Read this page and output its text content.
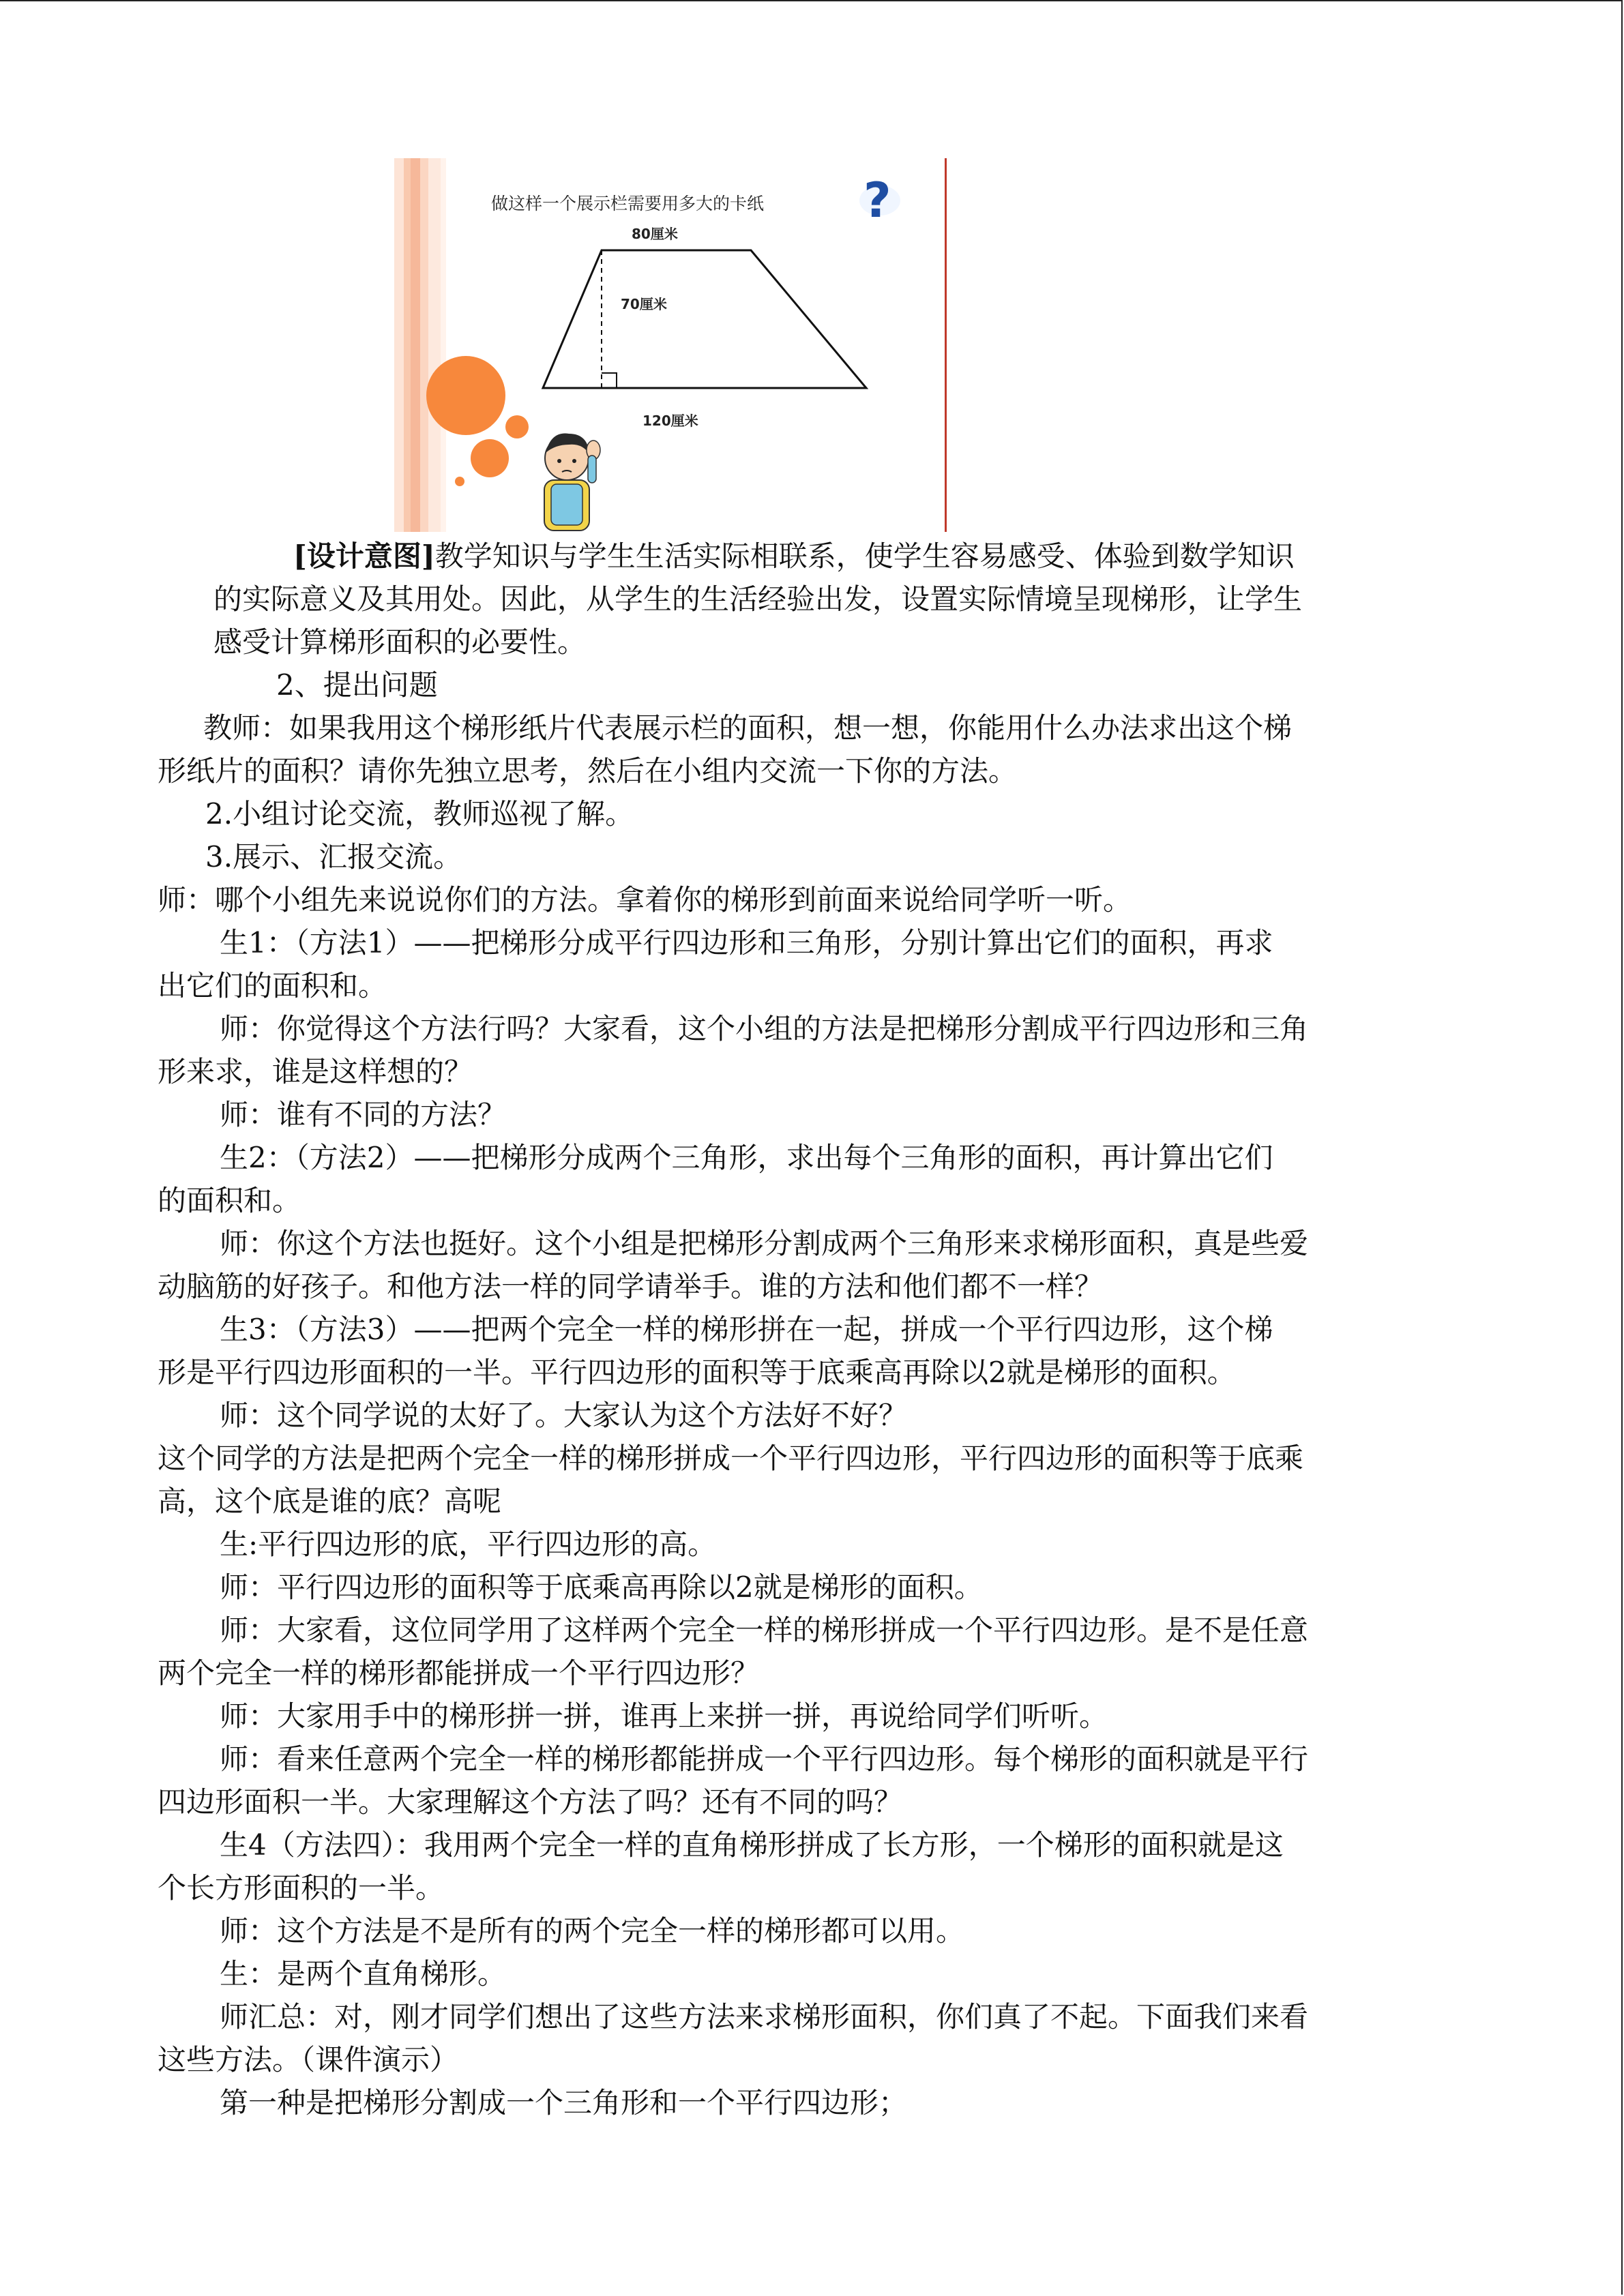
做这样一个展示栏需要用多大的卡纸 ?
80厘米
70厘米
120厘米
[设计意图]教学知识与学生生活实际相联系，使学生容易感受、体验到数学知识
的实际意义及其用处。因此，从学生的生活经验出发，设置实际情境呈现梯形，让学生
感受计算梯形面积的必要性。
2、提出问题
教师：如果我用这个梯形纸片代表展示栏的面积，想一想，你能用什么办法求出这个梯
形纸片的面积？请你先独立思考，然后在小组内交流一下你的方法。
2.小组讨论交流，教师巡视了解。
3.展示、汇报交流。
师：哪个小组先来说说你们的方法。拿着你的梯形到前面来说给同学听一听。
生1：（方法1）——把梯形分成平行四边形和三角形，分别计算出它们的面积，再求
出它们的面积和。
师：你觉得这个方法行吗？大家看，这个小组的方法是把梯形分割成平行四边形和三角
形来求，谁是这样想的？
师：谁有不同的方法？
生2：（方法2）——把梯形分成两个三角形，求出每个三角形的面积，再计算出它们
的面积和。
师：你这个方法也挺好。这个小组是把梯形分割成两个三角形来求梯形面积，真是些爱
动脑筋的好孩子。和他方法一样的同学请举手。谁的方法和他们都不一样？
生3：（方法3）——把两个完全一样的梯形拼在一起，拼成一个平行四边形，这个梯
形是平行四边形面积的一半。平行四边形的面积等于底乘高再除以2就是梯形的面积。
师：这个同学说的太好了。大家认为这个方法好不好？
这个同学的方法是把两个完全一样的梯形拼成一个平行四边形，平行四边形的面积等于底乘
高，这个底是谁的底？高呢
生:平行四边形的底，平行四边形的高。
师：平行四边形的面积等于底乘高再除以2就是梯形的面积。
师：大家看，这位同学用了这样两个完全一样的梯形拼成一个平行四边形。是不是任意
两个完全一样的梯形都能拼成一个平行四边形？
师：大家用手中的梯形拼一拼，谁再上来拼一拼，再说给同学们听听。
师：看来任意两个完全一样的梯形都能拼成一个平行四边形。每个梯形的面积就是平行
四边形面积一半。大家理解这个方法了吗？还有不同的吗？
生4（方法四）：我用两个完全一样的直角梯形拼成了长方形，一个梯形的面积就是这
个长方形面积的一半。
师：这个方法是不是所有的两个完全一样的梯形都可以用。
生：是两个直角梯形。
师汇总：对，刚才同学们想出了这些方法来求梯形面积，你们真了不起。下面我们来看
这些方法。（课件演示）
第一种是把梯形分割成一个三角形和一个平行四边形；
